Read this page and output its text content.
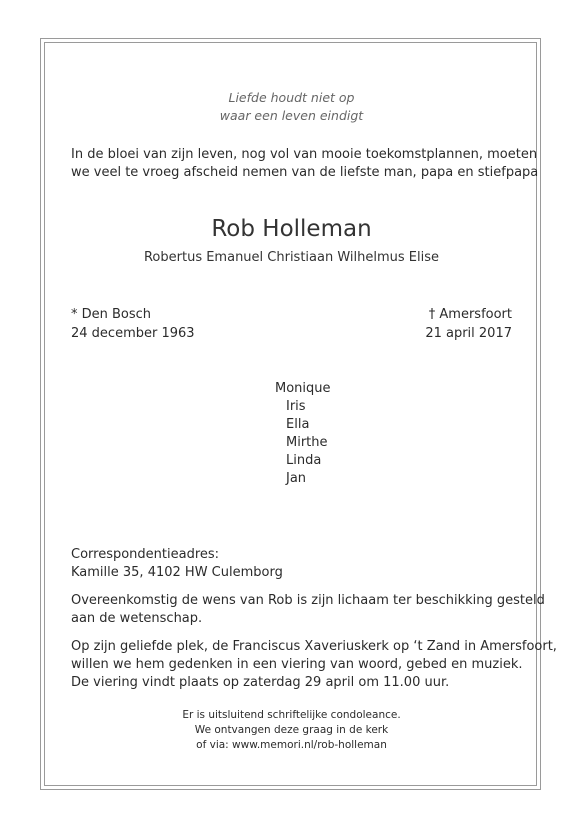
Liefde houdt niet op
waar een leven eindigt
In de bloei van zijn leven, nog vol van mooie toekomstplannen, moeten
we veel te vroeg afscheid nemen van de liefste man, papa en stiefpapa
Rob Holleman
Robertus Emanuel Christiaan Wilhelmus Elise
* Den Bosch
24 december 1963
† Amersfoort
21 april 2017
Monique
Iris
Ella
Mirthe
Linda
Jan
Correspondentieadres:
Kamille 35, 4102 HW Culemborg
Overeenkomstig de wens van Rob is zijn lichaam ter beschikking gesteld
aan de wetenschap.
Op zijn geliefde plek, de Franciscus Xaveriuskerk op ‘t Zand in Amersfoort,
willen we hem gedenken in een viering van woord, gebed en muziek.
De viering vindt plaats op zaterdag 29 april om 11.00 uur.
Er is uitsluitend schriftelijke condoleance.
We ontvangen deze graag in de kerk
of via: www.memori.nl/rob-holleman
